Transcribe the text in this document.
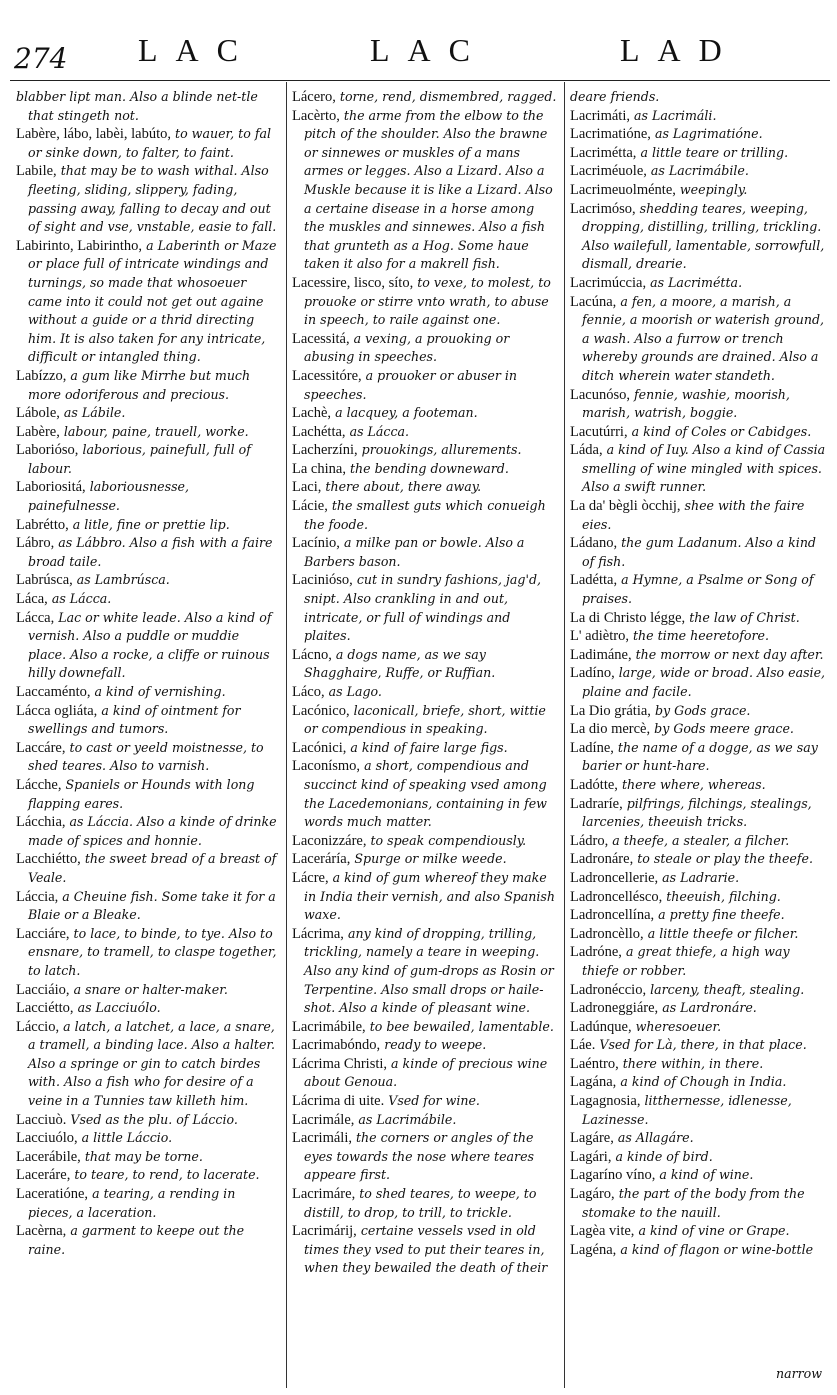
274 LAC	LAC	LAD

blabber lipt man. Also a blinde net-tle that stingeth not.

Labère, lábo, labèi, labúto, to wauer, to fal or sinke down, to falter, to faint.

Labile, that may be to wash withal. Also fleeting, sliding, slippery, fading, passing away, falling to decay and out of sight and vse, vnstable, easie to fall.

Labirinto, Labirintho, a Laberinth or Maze or place full of intricate windings and turnings, so made that whosoeuer came into it could not get out againe without a guide or a thrid directing him. It is also taken for any intricate, difficult or intangled thing.

Labízzo, a gum like Mirrhe but much more odoriferous and precious.

Lábole, as Lábile.

Labère, labour, paine, trauell, worke.

Laborióso, laborious, painefull, full of labour.

Laboriositá, laboriousnesse, painefulnesse.

Labrétto, a litle, fine or prettie lip.

Lábro, as Lábbro. Also a fish with a faire broad taile.

Labrúsca, as Lambrúsca.

Láca, as Lácca.

Lácca, Lac or white leade. Also a kind of vernish. Also a puddle or muddie place. Also a rocke, a cliffe or ruinous hilly downefall.

Laccaménto, a kind of vernishing.

Lácca ogliáta, a kind of ointment for swellings and tumors.

Laccáre, to cast or yeeld moistnesse, to shed teares. Also to varnish.

Lácche, Spaniels or Hounds with long flapping eares.

Lácchia, as Láccia. Also a kinde of drinke made of spices and honnie.

Lacchiétto, the sweet bread of a breast of Veale.

Láccia, a Cheuine fish. Some take it for a Blaie or a Bleake.

Lacciáre, to lace, to binde, to tye. Also to ensnare, to tramell, to claspe together, to latch.

Lacciáio, a snare or halter-maker.

Lacciétto, as Lacciuólo.

Láccio, a latch, a latchet, a lace, a snare, a tramell, a binding lace. Also a halter. Also a springe or gin to catch birdes with. Also a fish who for desire of a veine in a Tunnies taw killeth him.

Lacciuò. Vsed as the plu. of Láccio.

Lacciuólo, a little Láccio.

Lacerábile, that may be torne.

Laceráre, to teare, to rend, to lacerate.

Laceratióne, a tearing, a rending in pieces, a laceration.

Lacèrna, a garment to keepe out the raine.

Lácero, torne, rend, dismembred, ragged.

Lacèrto, the arme from the elbow to the pitch of the shoulder. Also the brawne or sinnewes or muskles of a mans armes or legges. Also a Lizard. Also a Muskle because it is like a Lizard. Also a certaine disease in a horse among the muskles and sinnewes. Also a fish that grunteth as a Hog. Some haue taken it also for a makrell fish.

Lacessire, lisco, síto, to vexe, to molest, to prouoke or stirre vnto wrath, to abuse in speech, to raile against one.

Lacessitá, a vexing, a prouoking or abusing in speeches.

Lacessitóre, a prouoker or abuser in speeches.

Lachè, a lacquey, a footeman.

Lachétta, as Lácca.

Lacherzíni, prouokings, allurements.

La china, the bending downeward.

Laci, there about, there away.

Lácie, the smallest guts which conueigh the foode.

Lacínio, a milke pan or bowle. Also a Barbers bason.

Lacinióso, cut in sundry fashions, jag'd, snipt. Also crankling in and out, intricate, or full of windings and plaites.

Lácno, a dogs name, as we say Shagghaire, Ruffe, or Ruffian.

Láco, as Lago.

Lacónico, laconicall, briefe, short, wittie or compendious in speaking.

Lacónici, a kind of faire large figs.

Laconísmo, a short, compendious and succinct kind of speaking vsed among the Lacedemonians, containing in few words much matter.

Laconizzáre, to speak compendiously.

Laceráría, Spurge or milke weede.

Lácre, a kind of gum whereof they make in India their vernish, and also Spanish waxe.

Lácrima, any kind of dropping, trilling, trickling, namely a teare in weeping. Also any kind of gum-drops as Rosin or Terpentine. Also small drops or haile-shot. Also a kinde of pleasant wine.

Lacrimábile, to bee bewailed, lamentable.

Lacrimabóndo, ready to weepe.

Lácrima Christi, a kinde of precious wine about Genoua.

Lácrima di uite. Vsed for wine.

Lacrimále, as Lacrimábile.

Lacrimáli, the corners or angles of the eyes towards the nose where teares appeare first.

Lacrimáre, to shed teares, to weepe, to distill, to drop, to trill, to trickle.

Lacrimárij, certaine vessels vsed in old times they vsed to put their teares in, when they bewailed the death of their

deare friends.

Lacrimáti, as Lacrimáli.

Lacrimatióne, as Lagrimatióne.

Lacriméttа, a little teare or trilling.

Lacriméuole, as Lacrimábile.

Lacrimeuolménte, weepingly.

Lacrimóso, shedding teares, weeping, dropping, distilling, trilling, trickling. Also wailefull, lamentable, sorrowfull, dismall, drearie.

Lacrimúccia, as Lacriméttа.

Lacúna, a fen, a moore, a marish, a fennie, a moorish or waterish ground, a wash. Also a furrow or trench whereby grounds are drained. Also a ditch wherein water standeth.

Lacunóso, fennie, washie, moorish, marish, watrish, boggie.

Lacutúrri, a kind of Coles or Cabidges.

Láda, a kind of Iuy. Also a kind of Cassia smelling of wine mingled with spices. Also a swift runner.

La da' bègli òcchij, shee with the faire eies.

Ládano, the gum Ladanum. Also a kind of fish.

Ladétta, a Hymne, a Psalme or Song of praises.

La di Christo légge, the law of Christ.

L' adiètro, the time heeretofore.

Ladimáne, the morrow or next day after.

Ladíno, large, wide or broad. Also easie, plaine and facile.

La Dio grátia, by Gods grace.

La dio mercè, by Gods meere grace.

Ladíne, the name of a dogge, as we say barier or hunt-hare.

Ladótte, there where, whereas.

Ladraríe, pilfrings, filchings, stealings, larcenies, theeuish tricks.

Ládro, a theefe, a stealer, a filcher.

Ladronáre, to steale or play the theefe.

Ladroncellerie, as Ladrarie.

Ladroncellésco, theeuish, filching.

Ladroncellína, a pretty fine theefe.

Ladroncèllo, a little theefe or filcher.

Ladróne, a great thiefe, a high way thiefe or robber.

Ladronéccio, larceny, theaft, stealing.

Ladroneggiáre, as Lardronáre.

Ladúnque, wheresoeuer.

Láe. Vsed for Là, there, in that place.

Laéntro, there within, in there.

Lagána, a kind of Chough in India.

Lagagnosia, litthernesse, idlenesse, Lazinesse.

Lagáre, as Allagáre.

Lagári, a kinde of bird.

Lagaríno víno, a kind of wine.

Lagáro, the part of the body from the stomake to the nauill.

Lagèa vite, a kind of vine or Grape.

Lagéna, a kind of flagon or wine-bottle

narrow
